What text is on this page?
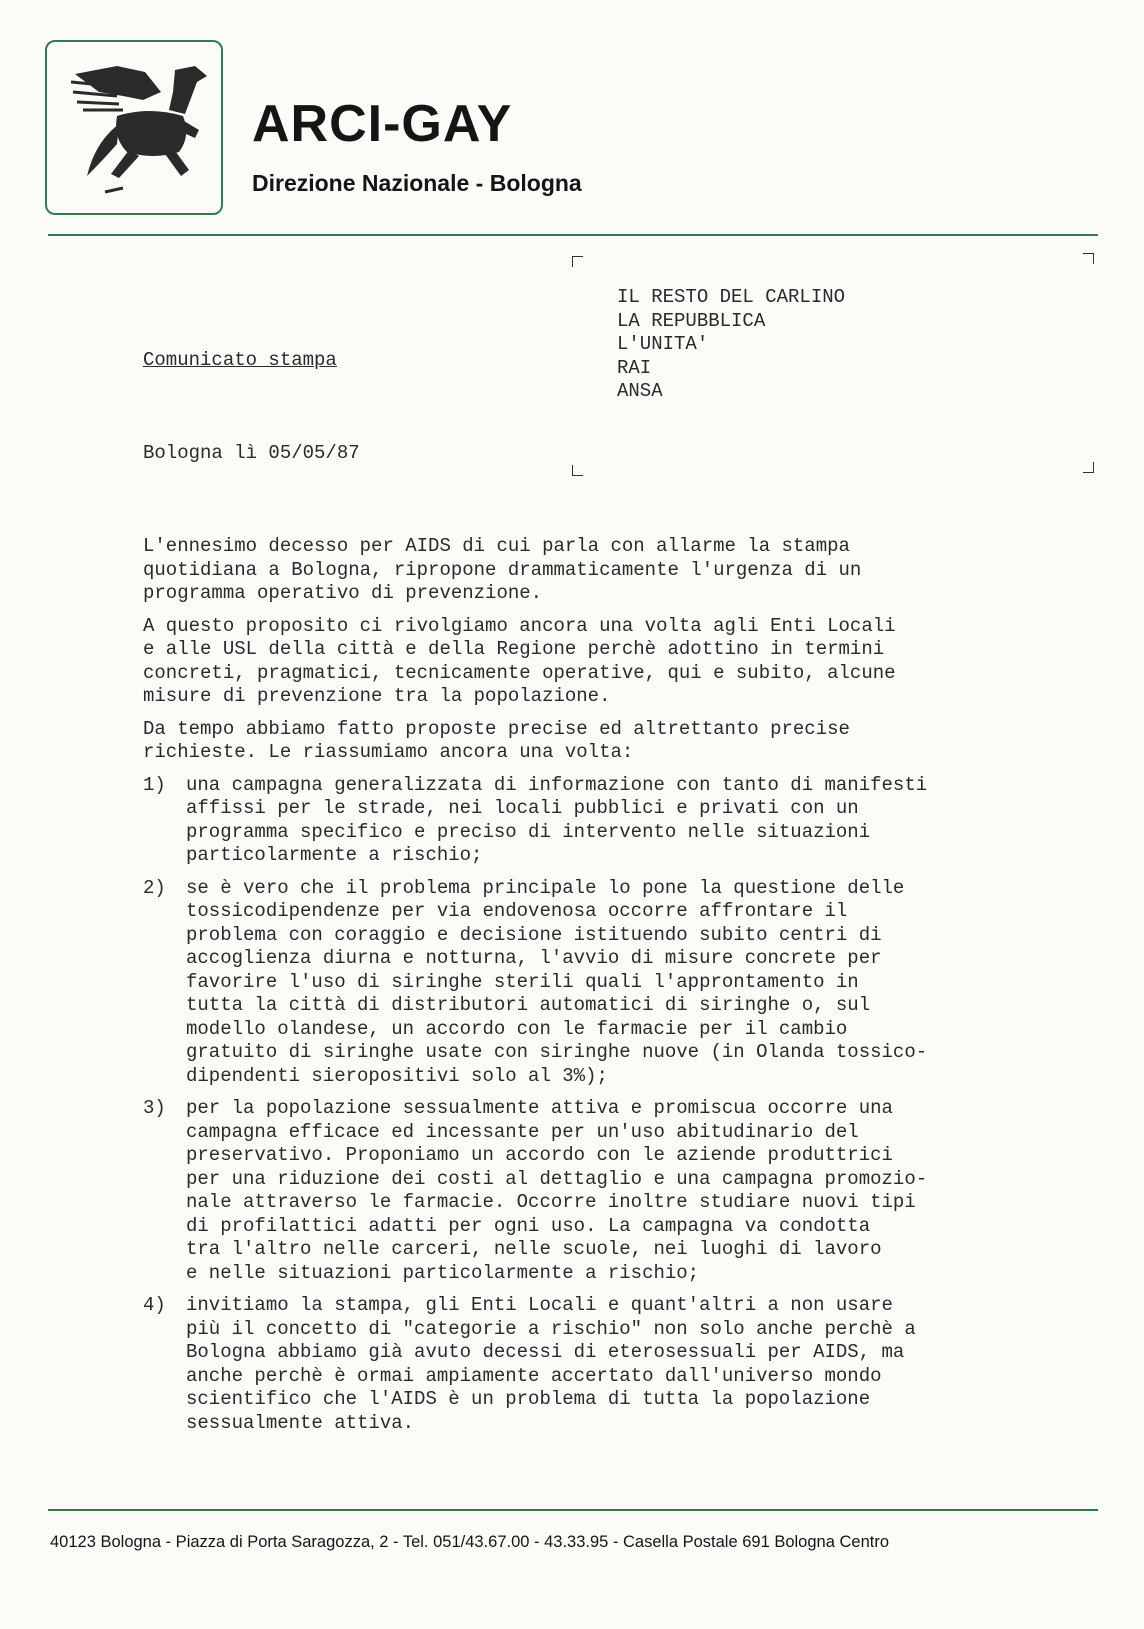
ARCI-GAY
Direzione Nazionale - Bologna
IL RESTO DEL CARLINO
LA REPUBBLICA
L'UNITA'
RAI
ANSA
Comunicato stampa
Bologna lì 05/05/87

L'ennesimo decesso per AIDS di cui parla con allarme la stampa
quotidiana a Bologna, ripropone drammaticamente l'urgenza di un
programma operativo di prevenzione.

A questo proposito ci rivolgiamo ancora una volta agli Enti Locali
e alle USL della città e della Regione perchè adottino in termini
concreti, pragmatici, tecnicamente operative, qui e subito, alcune
misure di prevenzione tra la popolazione.

Da tempo abbiamo fatto proposte precise ed altrettanto precise
richieste. Le riassumiamo ancora una volta:

1)	una campagna generalizzata di informazione con tanto di manifesti
affissi per le strade, nei locali pubblici e privati con un
programma specifico e preciso di intervento nelle situazioni
particolarmente a rischio;
2)	se è vero che il problema principale lo pone la questione delle
tossicodipendenze per via endovenosa occorre affrontare il
problema con coraggio e decisione istituendo subito centri di
accoglienza diurna e notturna, l'avvio di misure concrete per
favorire l'uso di siringhe sterili quali l'approntamento in
tutta la città di distributori automatici di siringhe o, sul
modello olandese, un accordo con le farmacie per il cambio
gratuito di siringhe usate con siringhe nuove (in Olanda tossico-
dipendenti sieropositivi solo al 3%);
3)	per la popolazione sessualmente attiva e promiscua occorre una
campagna efficace ed incessante per un'uso abitudinario del
preservativo. Proponiamo un accordo con le aziende produttrici
per una riduzione dei costi al dettaglio e una campagna promozio-
nale attraverso le farmacie. Occorre inoltre studiare nuovi tipi
di profilattici adatti per ogni uso. La campagna va condotta
tra l'altro nelle carceri, nelle scuole, nei luoghi di lavoro
e nelle situazioni particolarmente a rischio;
4)	invitiamo la stampa, gli Enti Locali e quant'altri a non usare
più il concetto di "categorie a rischio" non solo anche perchè a
Bologna abbiamo già avuto decessi di eterosessuali per AIDS, ma
anche perchè è ormai ampiamente accertato dall'universo mondo
scientifico che l'AIDS è un problema di tutta la popolazione
sessualmente attiva.
40123 Bologna - Piazza di Porta Saragozza, 2 - Tel. 051/43.67.00 - 43.33.95 - Casella Postale 691 Bologna Centro
